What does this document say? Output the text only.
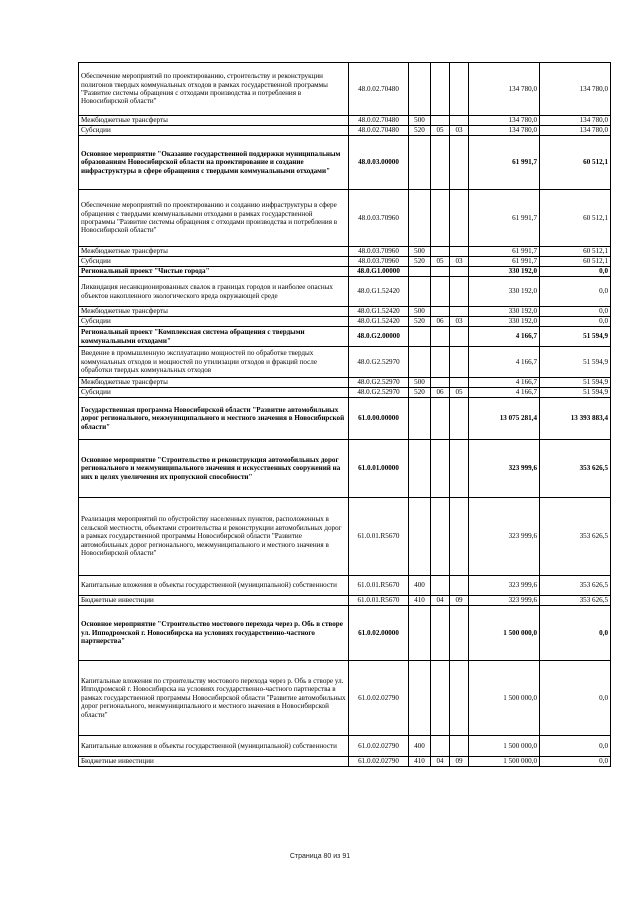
Обеспечение мероприятий по проектированию, строительству и реконструкции полигонов твердых коммунальных отходов в рамках государственной программы "Развитие системы обращения с отходами производства и потребления в Новосибирской области"	48.0.02.70480				134 780,0	134 780,0
Межбюджетные трансферты	48.0.02.70480	500			134 780,0	134 780,0
Субсидии	48.0.02.70480	520	05	03	134 780,0	134 780,0
Основное мероприятие "Оказание государственной поддержки муниципальным образованиям Новосибирской области на проектирование и создание инфраструктуры в сфере обращения с твердыми коммунальными отходами"	48.0.03.00000				61 991,7	60 512,1
Обеспечение мероприятий по проектированию и созданию инфраструктуры в сфере обращения с твердыми коммунальными отходами в рамках государственной программы "Развитие системы обращения с отходами производства и потребления в Новосибирской области"	48.0.03.70960				61 991,7	60 512,1
Межбюджетные трансферты	48.0.03.70960	500			61 991,7	60 512,1
Субсидии	48.0.03.70960	520	05	03	61 991,7	60 512,1
Региональный проект "Чистые города"	48.0.G1.00000				330 192,0	0,0
Ликвидация несанкционированных свалок в границах городов и наиболее опасных объектов накопленного экологического вреда окружающей среде	48.0.G1.52420				330 192,0	0,0
Межбюджетные трансферты	48.0.G1.52420	500			330 192,0	0,0
Субсидии	48.0.G1.52420	520	06	03	330 192,0	0,0
Региональный проект "Комплексная система обращения с твердыми коммунальными отходами"	48.0.G2.00000				4 166,7	51 594,9
Введение в промышленную эксплуатацию мощностей по обработке твердых коммунальных отходов и мощностей по утилизации отходов и фракций после обработки твердых коммунальных отходов	48.0.G2.52970				4 166,7	51 594,9
Межбюджетные трансферты	48.0.G2.52970	500			4 166,7	51 594,9
Субсидии	48.0.G2.52970	520	06	05	4 166,7	51 594,9
Государственная программа Новосибирской области "Развитие автомобильных дорог регионального, межмуниципального и местного значения в Новосибирской области"	61.0.00.00000				13 075 281,4	13 393 883,4
Основное мероприятие "Строительство и реконструкция автомобильных дорог регионального и межмуниципального значения и искусственных сооружений на них в целях увеличения их пропускной способности"	61.0.01.00000				323 999,6	353 626,5
Реализация мероприятий по обустройству населенных пунктов, расположенных в сельской местности, объектами строительства и реконструкции автомобильных дорог в рамках государственной программы Новосибирской области "Развитие автомобильных дорог регионального, межмуниципального и местного значения в Новосибирской области"	61.0.01.R5670				323 999,6	353 626,5
Капитальные вложения в объекты государственной (муниципальной) собственности	61.0.01.R5670	400			323 999,6	353 626,5
Бюджетные инвестиции	61.0.01.R5670	410	04	09	323 999,6	353 626,5
Основное мероприятие "Строительство мостового перехода через р. Обь в створе ул. Ипподромской г. Новосибирска на условиях государственно-частного партнерства"	61.0.02.00000				1 500 000,0	0,0
Капитальные вложения по строительству мостового перехода через р. Обь в створе ул. Ипподромской г. Новосибирска на условиях государственно-частного партнерства в рамках государственной программы Новосибирской области "Развитие автомобильных дорог регионального, межмуниципального и местного значения в Новосибирской области"	61.0.02.02790				1 500 000,0	0,0
Капитальные вложения в объекты государственной (муниципальной) собственности	61.0.02.02790	400			1 500 000,0	0,0
Бюджетные инвестиции	61.0.02.02790	410	04	09	1 500 000,0	0,0
Страница 80 из 91
